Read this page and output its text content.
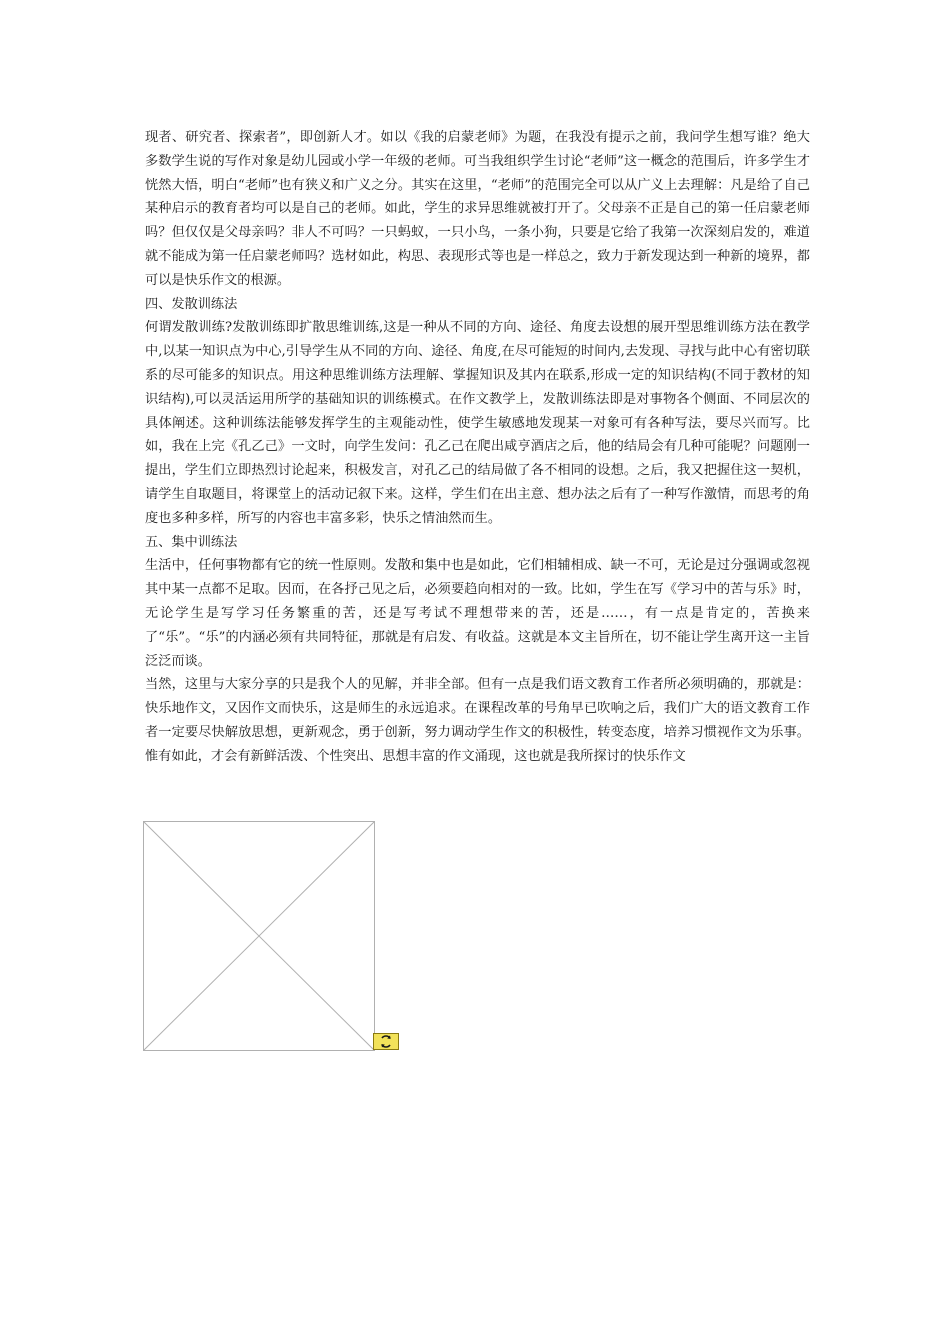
现者、研究者、探索者”，即创新人才。如以《我的启蒙老师》为题，在我没有提示之前，我问学生想写谁？绝大多数学生说的写作对象是幼儿园或小学一年级的老师。可当我组织学生讨论“老师”这一概念的范围后，许多学生才恍然大悟，明白“老师”也有狭义和广义之分。其实在这里，“老师”的范围完全可以从广义上去理解：凡是给了自己某种启示的教育者均可以是自己的老师。如此，学生的求异思维就被打开了。父母亲不正是自己的第一任启蒙老师吗？但仅仅是父母亲吗？非人不可吗？一只蚂蚁，一只小鸟，一条小狗，只要是它给了我第一次深刻启发的，难道就不能成为第一任启蒙老师吗？选材如此，构思、表现形式等也是一样总之，致力于新发现达到一种新的境界，都可以是快乐作文的根源。

四、发散训练法

何谓发散训练?发散训练即扩散思维训练,这是一种从不同的方向、途径、角度去设想的展开型思维训练方法在教学中,以某一知识点为中心,引导学生从不同的方向、途径、角度,在尽可能短的时间内,去发现、寻找与此中心有密切联系的尽可能多的知识点。用这种思维训练方法理解、掌握知识及其内在联系,形成一定的知识结构(不同于教材的知识结构),可以灵活运用所学的基础知识的训练模式。在作文教学上，发散训练法即是对事物各个侧面、不同层次的具体阐述。这种训练法能够发挥学生的主观能动性，使学生敏感地发现某一对象可有各种写法，要尽兴而写。比如，我在上完《孔乙己》一文时，向学生发问：孔乙己在爬出咸亨酒店之后，他的结局会有几种可能呢？问题刚一提出，学生们立即热烈讨论起来，积极发言，对孔乙己的结局做了各不相同的设想。之后，我又把握住这一契机，请学生自取题目，将课堂上的活动记叙下来。这样，学生们在出主意、想办法之后有了一种写作激情，而思考的角度也多种多样，所写的内容也丰富多彩，快乐之情油然而生。

五、集中训练法

生活中，任何事物都有它的统一性原则。发散和集中也是如此，它们相辅相成、缺一不可，无论是过分强调或忽视其中某一点都不足取。因而，在各抒己见之后，必须要趋向相对的一致。比如，学生在写《学习中的苦与乐》时，无论学生是写学习任务繁重的苦，还是写考试不理想带来的苦，还是……，有一点是肯定的，苦换来了“乐”。“乐”的内涵必须有共同特征，那就是有启发、有收益。这就是本文主旨所在，切不能让学生离开这一主旨泛泛而谈。

当然，这里与大家分享的只是我个人的见解，并非全部。但有一点是我们语文教育工作者所必须明确的，那就是：快乐地作文，又因作文而快乐，这是师生的永远追求。在课程改革的号角早已吹响之后，我们广大的语文教育工作者一定要尽快解放思想，更新观念，勇于创新，努力调动学生作文的积极性，转变态度，培养习惯视作文为乐事。惟有如此，才会有新鲜活泼、个性突出、思想丰富的作文涌现，这也就是我所探讨的快乐作文
